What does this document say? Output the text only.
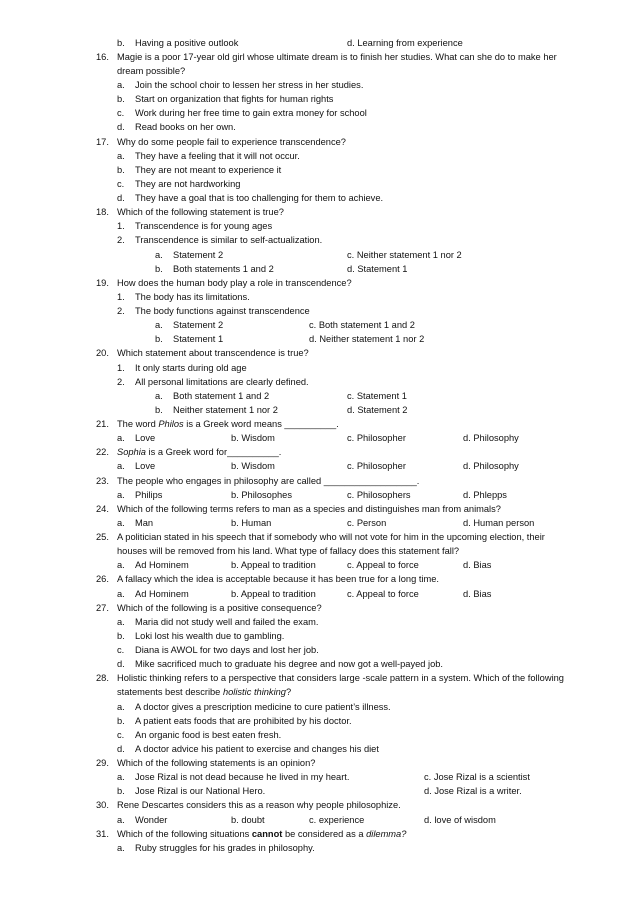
b. Having a positive outlook	d. Learning from experience
16. Magie is a poor 17-year old girl whose ultimate dream is to finish her studies. What can she do to make her
dream possible?
a. Join the school choir to lessen her stress in her studies.
b. Start on organization that fights for human rights
c. Work during her free time to gain extra money for school
d. Read books on her own.
17. Why do some people fail to experience transcendence?
a. They have a feeling that it will not occur.
b. They are not meant to experience it
c. They are not hardworking
d. They have a goal that is too challenging for them to achieve.
18. Which of the following statement is true?
1. Transcendence is for young ages
2. Transcendence is similar to self-actualization.
a. Statement 2	c. Neither statement 1 nor 2
b. Both statements 1 and 2	d. Statement 1
19. How does the human body play a role in transcendence?
1. The body has its limitations.
2. The body functions against transcendence
a. Statement 2	c. Both statement 1 and 2
b. Statement 1	d. Neither statement 1 nor 2
20. Which statement about transcendence is true?
1. It only starts during old age
2. All personal limitations are clearly defined.
a. Both statement 1 and 2	c. Statement 1
b. Neither statement 1 nor 2	d. Statement 2
21. The word Philos is a Greek word means __________.
a. Love	b. Wisdom	c. Philosopher	d. Philosophy
22. Sophia is a Greek word for__________.
a. Love	b. Wisdom	c. Philosopher	d. Philosophy
23. The people who engages in philosophy are called __________________.
a. Philips	b. Philosophes	c. Philosophers	d. Phlepps
24. Which of the following terms refers to man as a species and distinguishes man from animals?
a. Man	b. Human	c. Person	d. Human person
25. A politician stated in his speech that if somebody who will not vote for him in the upcoming election, their
houses will be removed from his land. What type of fallacy does this statement fall?
a. Ad Hominem	b. Appeal to tradition	c. Appeal to force	d. Bias
26. A fallacy which the idea is acceptable because it has been true for a long time.
a. Ad Hominem	b. Appeal to tradition	c. Appeal to force	d. Bias
27. Which of the following is a positive consequence?
a. Maria did not study well and failed the exam.
b. Loki lost his wealth due to gambling.
c. Diana is AWOL for two days and lost her job.
d. Mike sacrificed much to graduate his degree and now got a well-payed job.
28. Holistic thinking refers to a perspective that considers large -scale pattern in a system. Which of the following
statements best describe holistic thinking?
a. A doctor gives a prescription medicine to cure patient’s illness.
b. A patient eats foods that are prohibited by his doctor.
c. An organic food is best eaten fresh.
d. A doctor advice his patient to exercise and changes his diet
29. Which of the following statements is an opinion?
a. Jose Rizal is not dead because he lived in my heart.	c. Jose Rizal is a scientist
b. Jose Rizal is our National Hero.	d. Jose Rizal is a writer.
30. Rene Descartes considers this as a reason why people philosophize.
a. Wonder	b. doubt	c. experience	d. love of wisdom
31. Which of the following situations cannot be considered as a dilemma?
a. Ruby struggles for his grades in philosophy.
